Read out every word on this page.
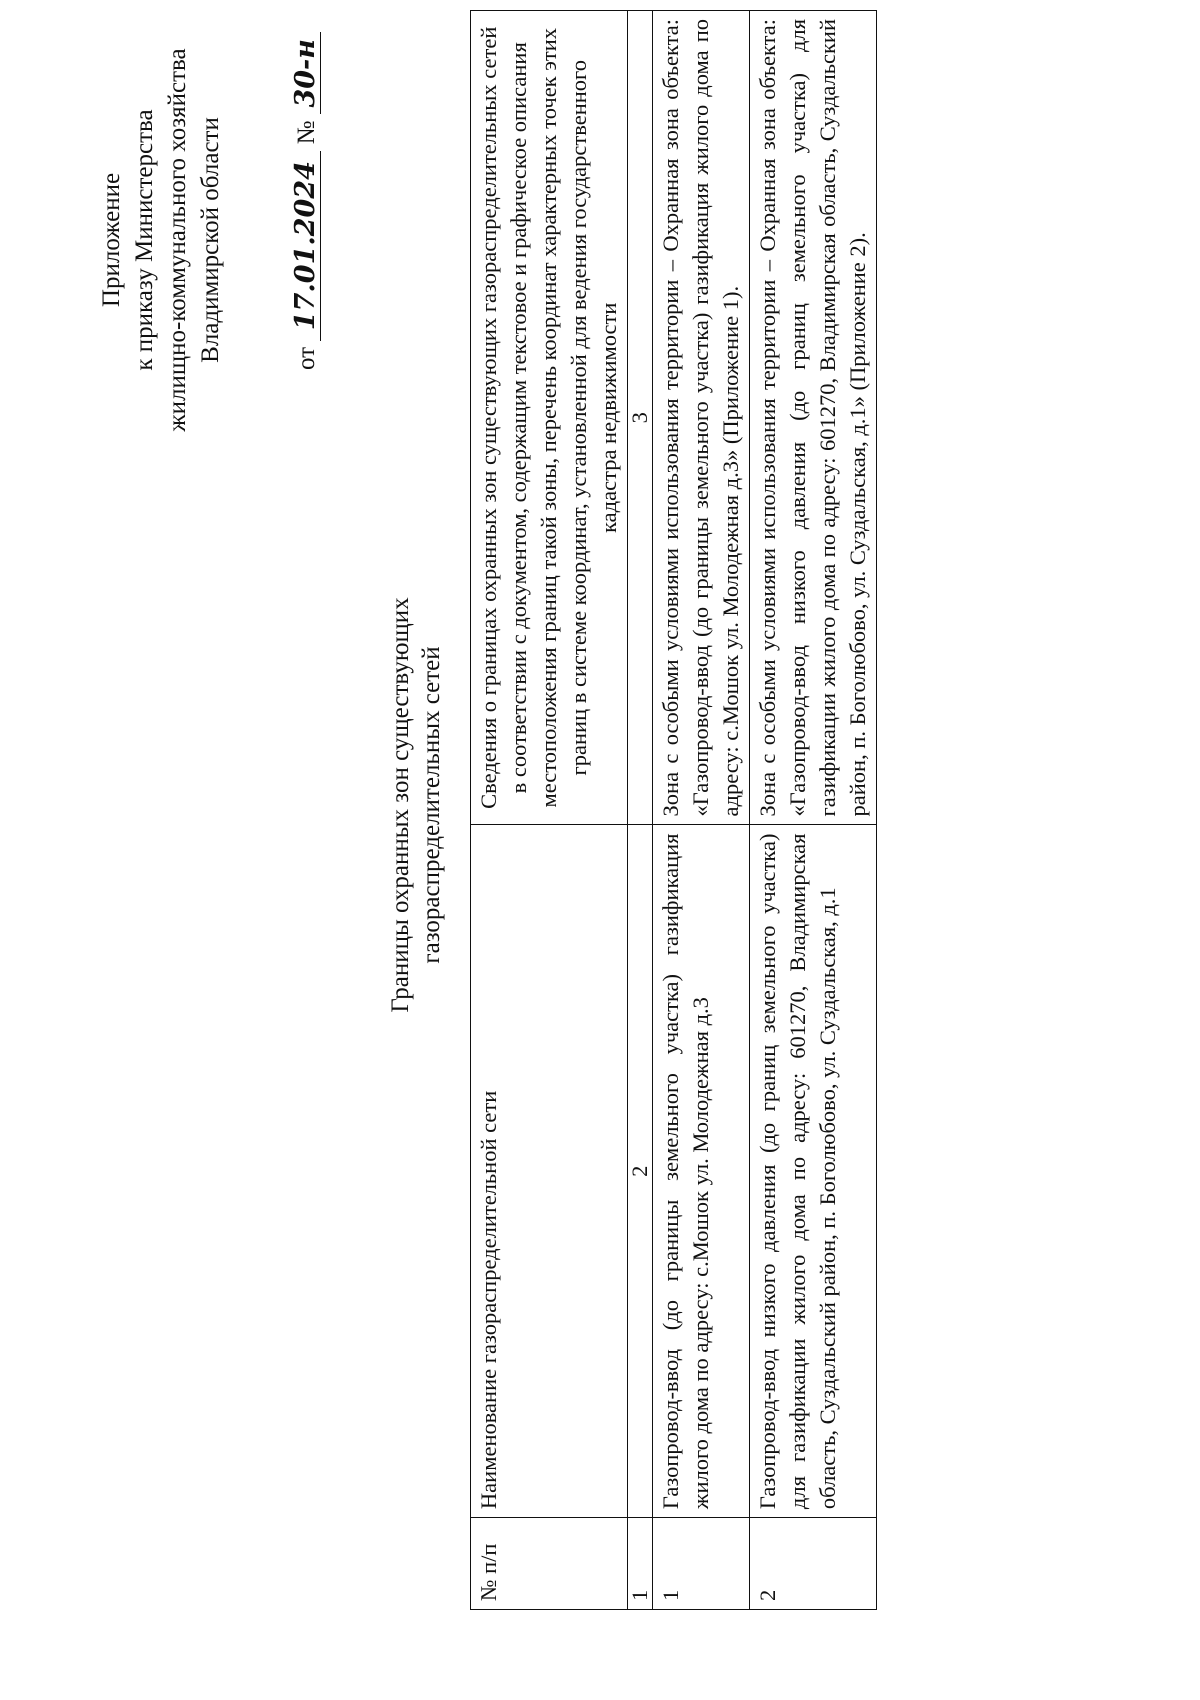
Приложение к приказу Министерства жилищно-коммунального хозяйства Владимирской области	от 17.01.2024 № 30-н
Границы охранных зон существующих газораспределительных сетей
№ п/п	Наименование газораспределительной сети	Сведения о границах охранных зон существующих газораспределительных сетей в соответствии с документом, содержащим текстовое и графическое описания местоположения границ такой зоны, перечень координат характерных точек этих границ в системе координат, установленной для ведения государственного кадастра недвижимости
1	2	3
1	Газопровод-ввод (до границы земельного участка) газификация жилого дома по адресу: с.Мошок ул. Молодежная д.3	Зона с особыми условиями использования территории – Охранная зона объекта: «Газопровод-ввод (до границы земельного участка) газификация жилого дома по адресу: с.Мошок ул. Молодежная д.3» (Приложение 1).
2	Газопровод-ввод низкого давления (до границ земельного участка) для газификации жилого дома по адресу: 601270, Владимирская область, Суздальский район, п. Боголюбово, ул. Суздальская, д.1	Зона с особыми условиями использования территории – Охранная зона объекта: «Газопровод-ввод низкого давления (до границ земельного участка) для газификации жилого дома по адресу: 601270, Владимирская область, Суздальский район, п. Боголюбово, ул. Суздальская, д.1» (Приложение 2).
